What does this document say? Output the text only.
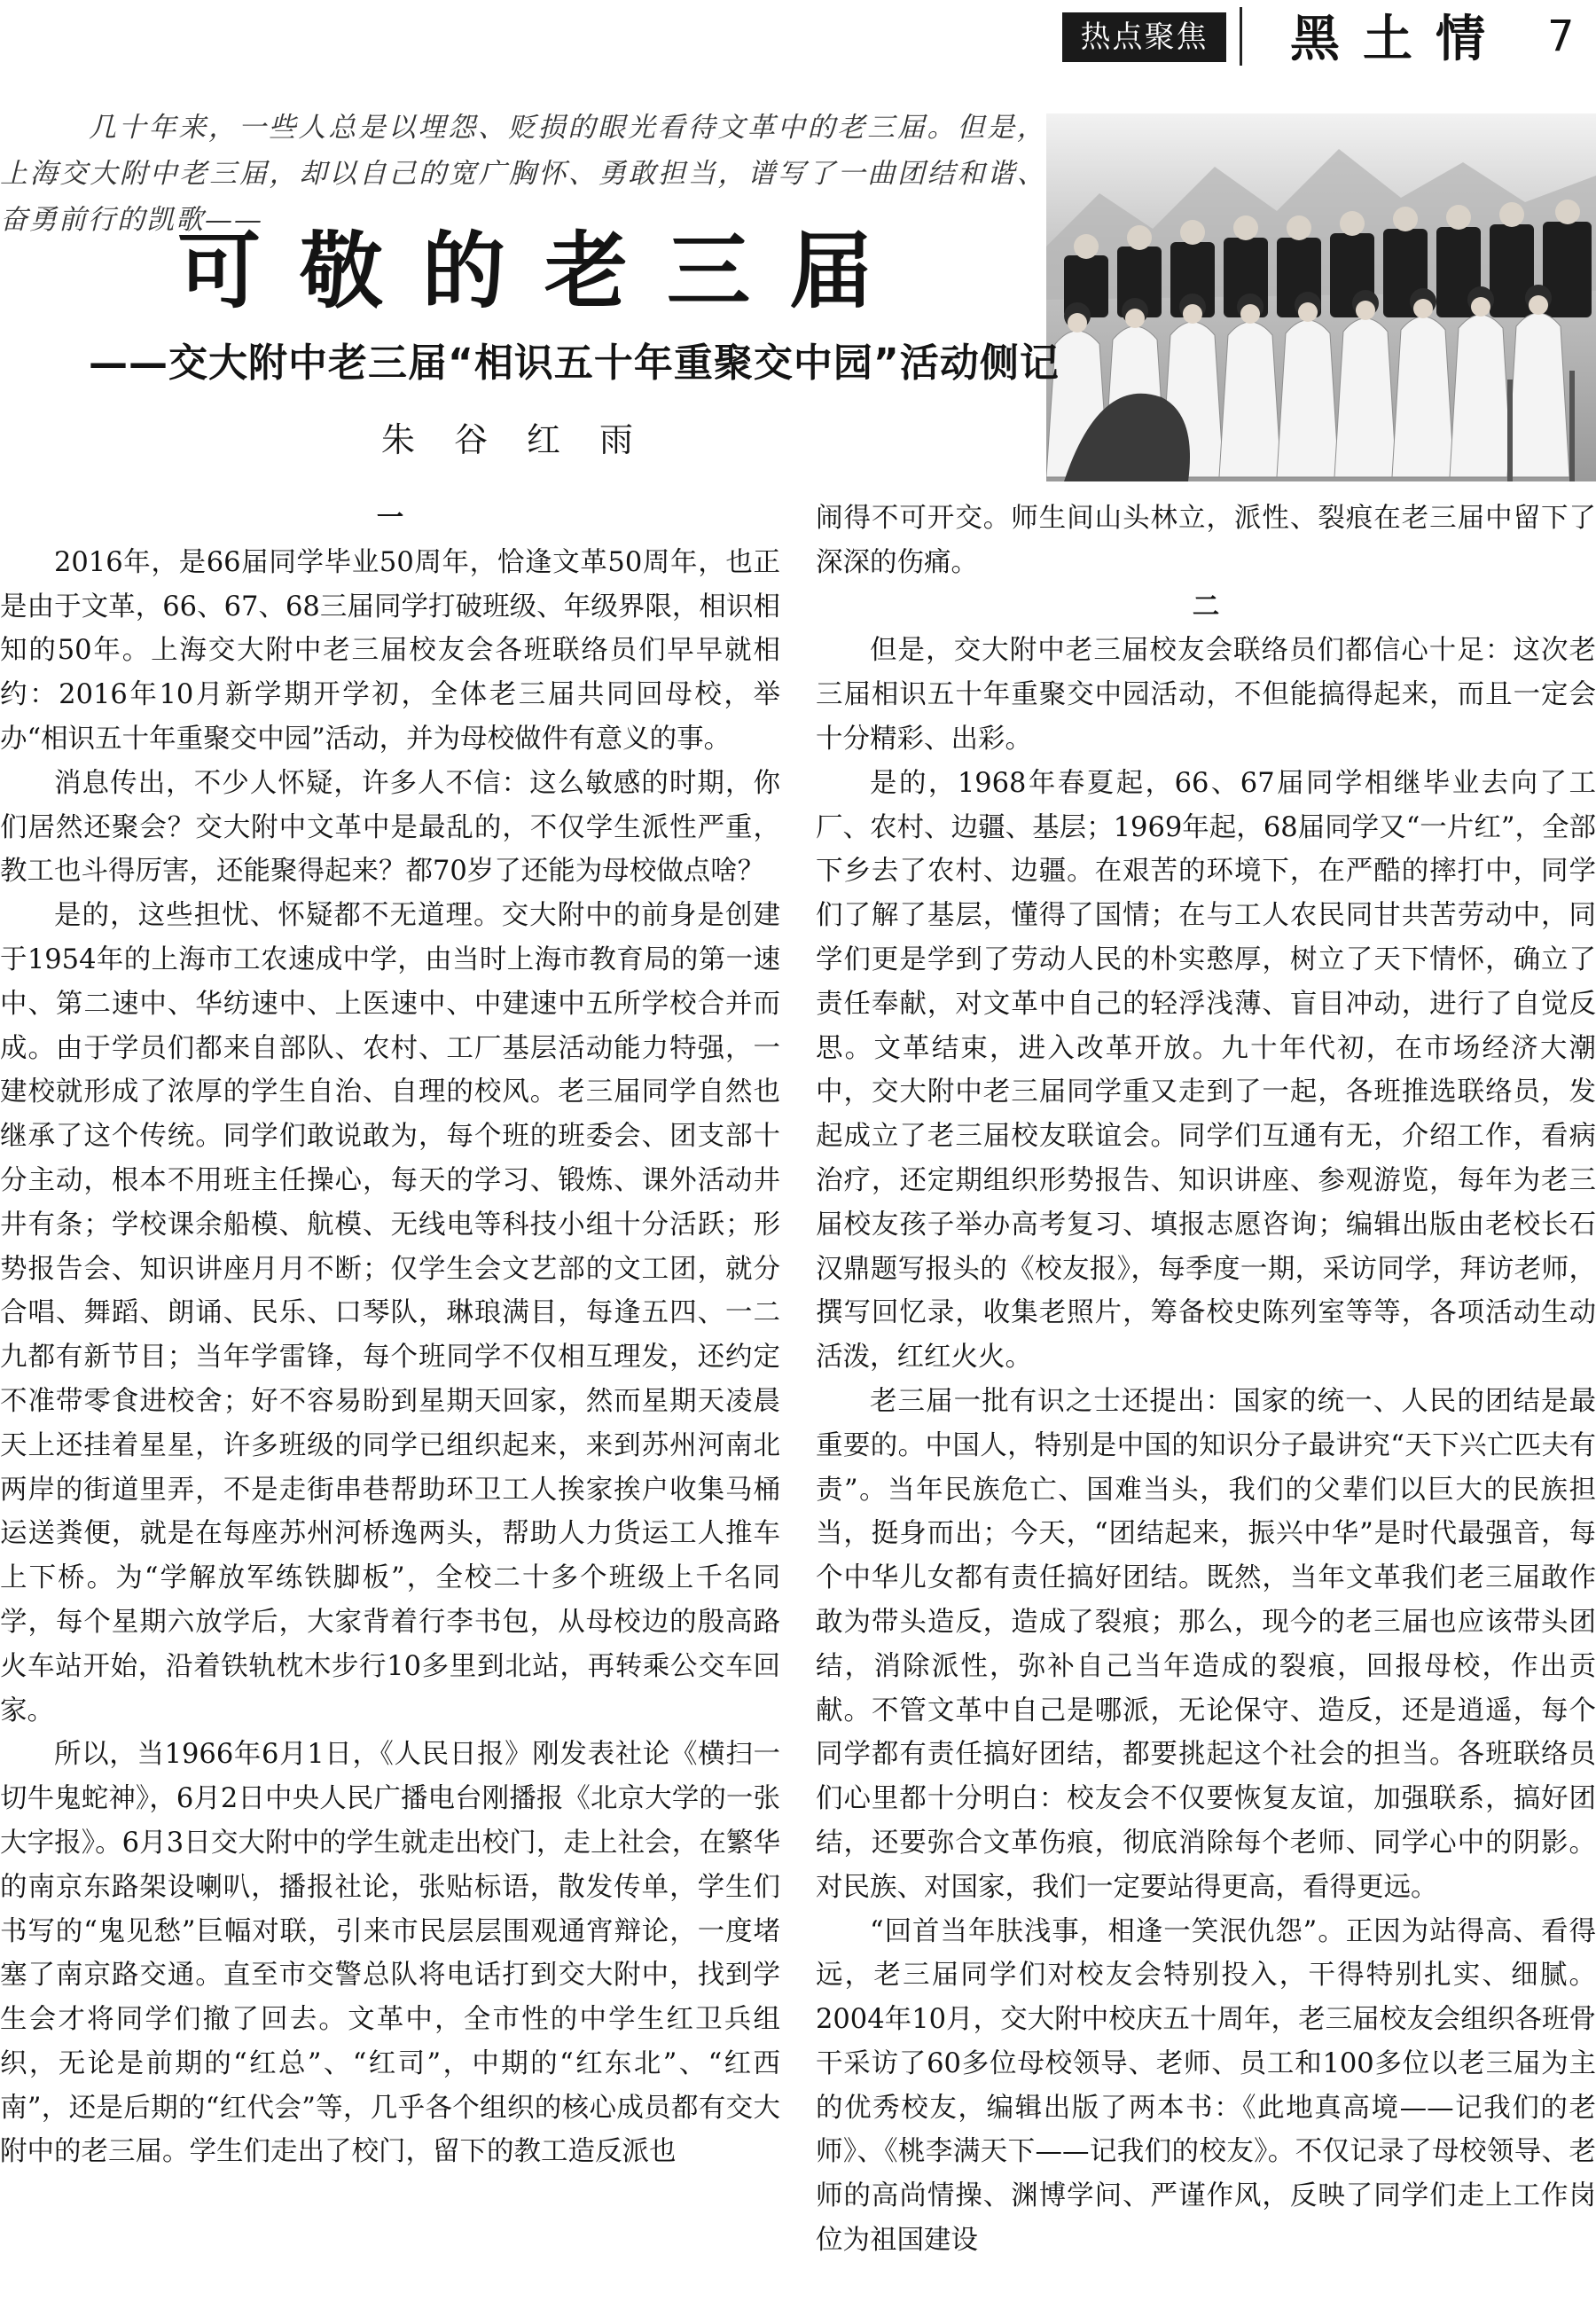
热点聚焦	黑土情 7

几十年来，一些人总是以埋怨、贬损的眼光看待文革中的老三届。但是，上海交大附中老三届，却以自己的宽广胸怀、勇敢担当，谱写了一曲团结和谐、奋勇前行的凯歌——

可敬的老三届
——交大附中老三届“相识五十年重聚交中园”活动侧记
朱谷红雨

一

2016年，是66届同学毕业50周年，恰逢文革50周年，也正是由于文革，66、67、68三届同学打破班级、年级界限，相识相知的50年。上海交大附中老三届校友会各班联络员们早早就相约：2016年10月新学期开学初，全体老三届共同回母校，举办“相识五十年重聚交中园”活动，并为母校做件有意义的事。

消息传出，不少人怀疑，许多人不信：这么敏感的时期，你们居然还聚会？交大附中文革中是最乱的，不仅学生派性严重，教工也斗得厉害，还能聚得起来？都70岁了还能为母校做点啥？

是的，这些担忧、怀疑都不无道理。交大附中的前身是创建于1954年的上海市工农速成中学，由当时上海市教育局的第一速中、第二速中、华纺速中、上医速中、中建速中五所学校合并而成。由于学员们都来自部队、农村、工厂基层活动能力特强，一建校就形成了浓厚的学生自治、自理的校风。老三届同学自然也继承了这个传统。同学们敢说敢为，每个班的班委会、团支部十分主动，根本不用班主任操心，每天的学习、锻炼、课外活动井井有条；学校课余船模、航模、无线电等科技小组十分活跃；形势报告会、知识讲座月月不断；仅学生会文艺部的文工团，就分合唱、舞蹈、朗诵、民乐、口琴队，琳琅满目，每逢五四、一二九都有新节目；当年学雷锋，每个班同学不仅相互理发，还约定不准带零食进校舍；好不容易盼到星期天回家，然而星期天凌晨天上还挂着星星，许多班级的同学已组织起来，来到苏州河南北两岸的街道里弄，不是走街串巷帮助环卫工人挨家挨户收集马桶运送粪便，就是在每座苏州河桥逸两头，帮助人力货运工人推车上下桥。为“学解放军练铁脚板”，全校二十多个班级上千名同学，每个星期六放学后，大家背着行李书包，从母校边的殷高路火车站开始，沿着铁轨枕木步行10多里到北站，再转乘公交车回家。

所以，当1966年6月1日，《人民日报》刚发表社论《横扫一切牛鬼蛇神》，6月2日中央人民广播电台刚播报《北京大学的一张大字报》。6月3日交大附中的学生就走出校门，走上社会，在繁华的南京东路架设喇叭，播报社论，张贴标语，散发传单，学生们书写的“鬼见愁”巨幅对联，引来市民层层围观通宵辩论，一度堵塞了南京路交通。直至市交警总队将电话打到交大附中，找到学生会才将同学们撤了回去。文革中，全市性的中学生红卫兵组织，无论是前期的“红总”、“红司”，中期的“红东北”、“红西南”，还是后期的“红代会”等，几乎各个组织的核心成员都有交大附中的老三届。学生们走出了校门，留下的教工造反派也

闹得不可开交。师生间山头林立，派性、裂痕在老三届中留下了深深的伤痛。

二

但是，交大附中老三届校友会联络员们都信心十足：这次老三届相识五十年重聚交中园活动，不但能搞得起来，而且一定会十分精彩、出彩。

是的，1968年春夏起，66、67届同学相继毕业去向了工厂、农村、边疆、基层；1969年起，68届同学又“一片红”，全部下乡去了农村、边疆。在艰苦的环境下，在严酷的摔打中，同学们了解了基层，懂得了国情；在与工人农民同甘共苦劳动中，同学们更是学到了劳动人民的朴实憨厚，树立了天下情怀，确立了责任奉献，对文革中自己的轻浮浅薄、盲目冲动，进行了自觉反思。文革结束，进入改革开放。九十年代初，在市场经济大潮中，交大附中老三届同学重又走到了一起，各班推选联络员，发起成立了老三届校友联谊会。同学们互通有无，介绍工作，看病治疗，还定期组织形势报告、知识讲座、参观游览，每年为老三届校友孩子举办高考复习、填报志愿咨询；编辑出版由老校长石汉鼎题写报头的《校友报》，每季度一期，采访同学，拜访老师，撰写回忆录，收集老照片，筹备校史陈列室等等，各项活动生动活泼，红红火火。

老三届一批有识之士还提出：国家的统一、人民的团结是最重要的。中国人，特别是中国的知识分子最讲究“天下兴亡匹夫有责”。当年民族危亡、国难当头，我们的父辈们以巨大的民族担当，挺身而出；今天，“团结起来，振兴中华”是时代最强音，每个中华儿女都有责任搞好团结。既然，当年文革我们老三届敢作敢为带头造反，造成了裂痕；那么，现今的老三届也应该带头团结，消除派性，弥补自己当年造成的裂痕，回报母校，作出贡献。不管文革中自己是哪派，无论保守、造反，还是逍遥，每个同学都有责任搞好团结，都要挑起这个社会的担当。各班联络员们心里都十分明白：校友会不仅要恢复友谊，加强联系，搞好团结，还要弥合文革伤痕，彻底消除每个老师、同学心中的阴影。对民族、对国家，我们一定要站得更高，看得更远。

“回首当年肤浅事，相逢一笑泯仇怨”。正因为站得高、看得远，老三届同学们对校友会特别投入，干得特别扎实、细腻。2004年10月，交大附中校庆五十周年，老三届校友会组织各班骨干采访了60多位母校领导、老师、员工和100多位以老三届为主的优秀校友，编辑出版了两本书：《此地真高境——记我们的老师》、《桃李满天下——记我们的校友》。不仅记录了母校领导、老师的高尚情操、渊博学问、严谨作风，反映了同学们走上工作岗位为祖国建设
